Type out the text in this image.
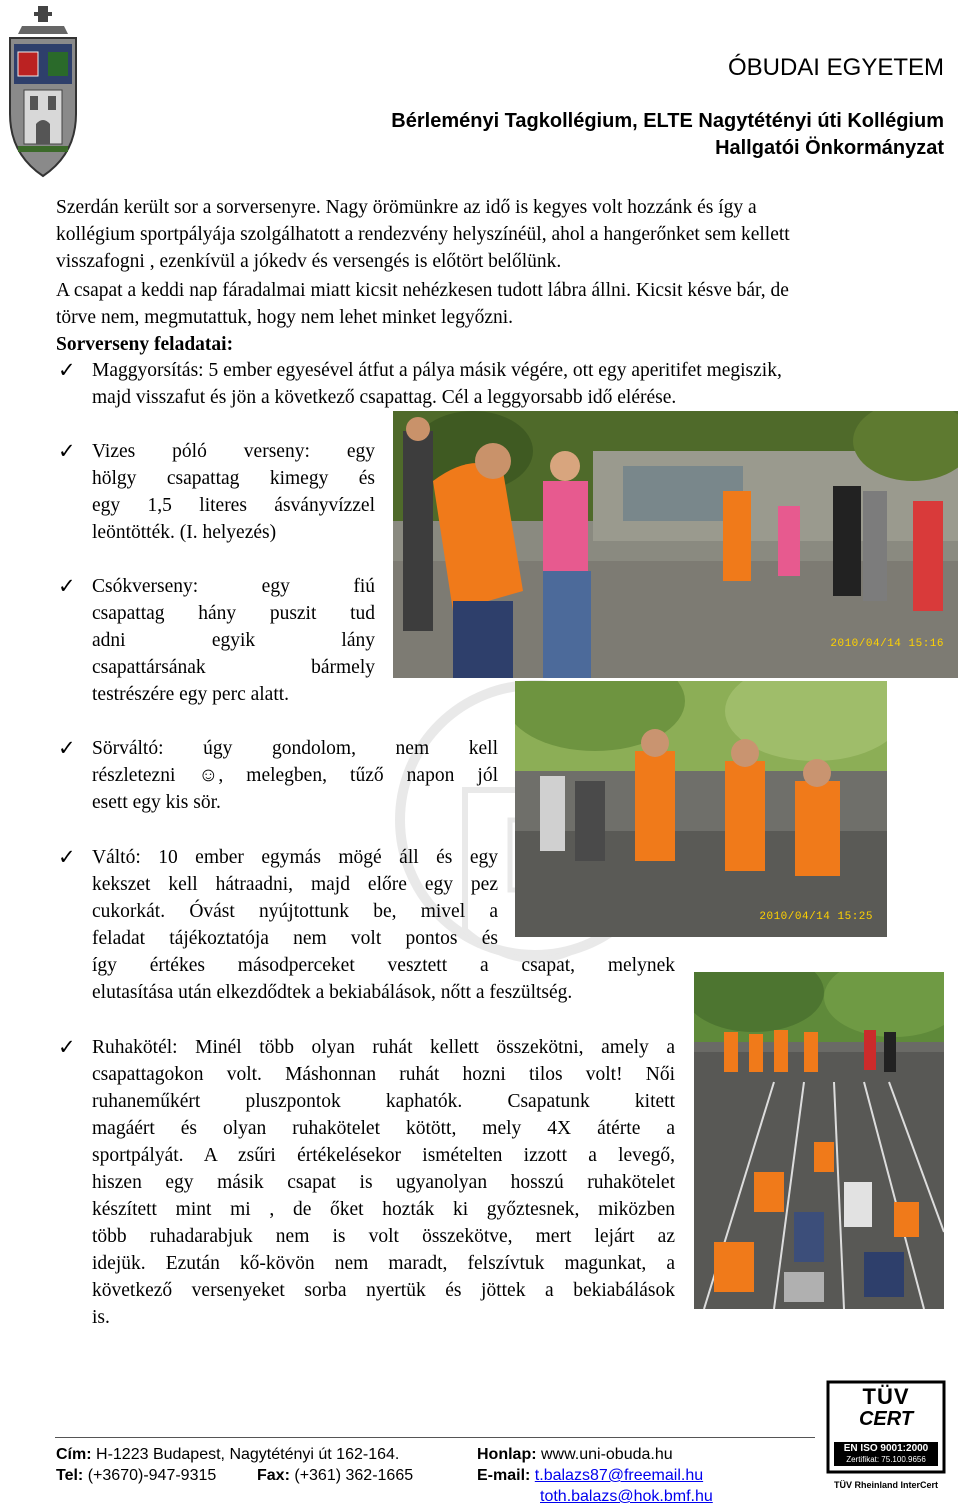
ÓBUDAI EGYETEM
Bérleményi Tagkollégium, ELTE Nagytétényi úti Kollégium
Hallgatói Önkormányzat
Szerdán került sor a sorversenyre. Nagy örömünkre az idő is kegyes volt hozzánk és így a
kollégium sportpályája szolgálhatott a rendezvény helyszínéül, ahol a hangerőnket sem kellett
visszafogni , ezenkívül a jókedv és versengés is előtört belőlünk.
A csapat a keddi nap fáradalmai miatt kicsit nehézkesen tudott lábra állni. Kicsit késve bár, de
törve nem, megmutattuk, hogy nem lehet minket legyőzni.
Sorverseny feladatai:
✓ Maggyorsítás: 5 ember egyesével átfut a pálya másik végére, ott egy aperitifet megiszik,
majd visszafut és jön a következő csapattag. Cél a leggyorsabb idő elérése.
✓ Vizes póló verseny: egy
hölgy csapattag kimegy és
egy 1,5 literes ásványvízzel
leöntötték. (I. helyezés)
✓ Csókverseny: egy fiú
csapattag hány puszit tud
adni egyik lány
csapattársának bármely
testrészére egy perc alatt.
✓ Sörváltó: úgy gondolom, nem kell
részletezni ☺, melegben, tűző napon jól
esett egy kis sör.
✓ Váltó: 10 ember egymás mögé áll és egy
kekszet kell hátraadni, majd előre egy pez
cukorkát. Óvást nyújtottunk be, mivel a
feladat tájékoztatója nem volt pontos és
így értékes másodperceket vesztett a csapat, melynek
elutasítása után elkezdődtek a bekiabálások, nőtt a feszültség.
✓ Ruhakötél: Minél több olyan ruhát kellett összekötni, amely a
csapattagokon volt. Máshonnan ruhát hozni tilos volt! Női
ruhaneműkért pluszpontok kaphatók. Csapatunk kitett
magáért és olyan ruhakötelet kötött, mely 4X átérte a
sportpályát. A zsűri értékelésekor ismételten izzott a levegő,
hiszen egy másik csapat is ugyanolyan hosszú ruhakötelet
készített mint mi , de őket hozták ki győztesnek, miközben
több ruhadarabjuk nem is volt összekötve, mert lejárt az
idejük. Ezután kő-kövön nem maradt, felszívtuk magunkat, a
következő versenyeket sorba nyertük és jöttek a bekiabálások
is.
2010/04/14 15:16
2010/04/14 15:25
Cím: H-1223 Budapest, Nagytétényi út 162-164.
Tel: (+3670)-947-9315	Fax: (+361) 362-1665
Honlap: www.uni-obuda.hu
E-mail: t.balazs87@freemail.hu
toth.balazs@hok.bmf.hu
TÜV
CERT
EN ISO 9001:2000
Zertifikat: 75.100.9656
TÜV Rheinland InterCert
